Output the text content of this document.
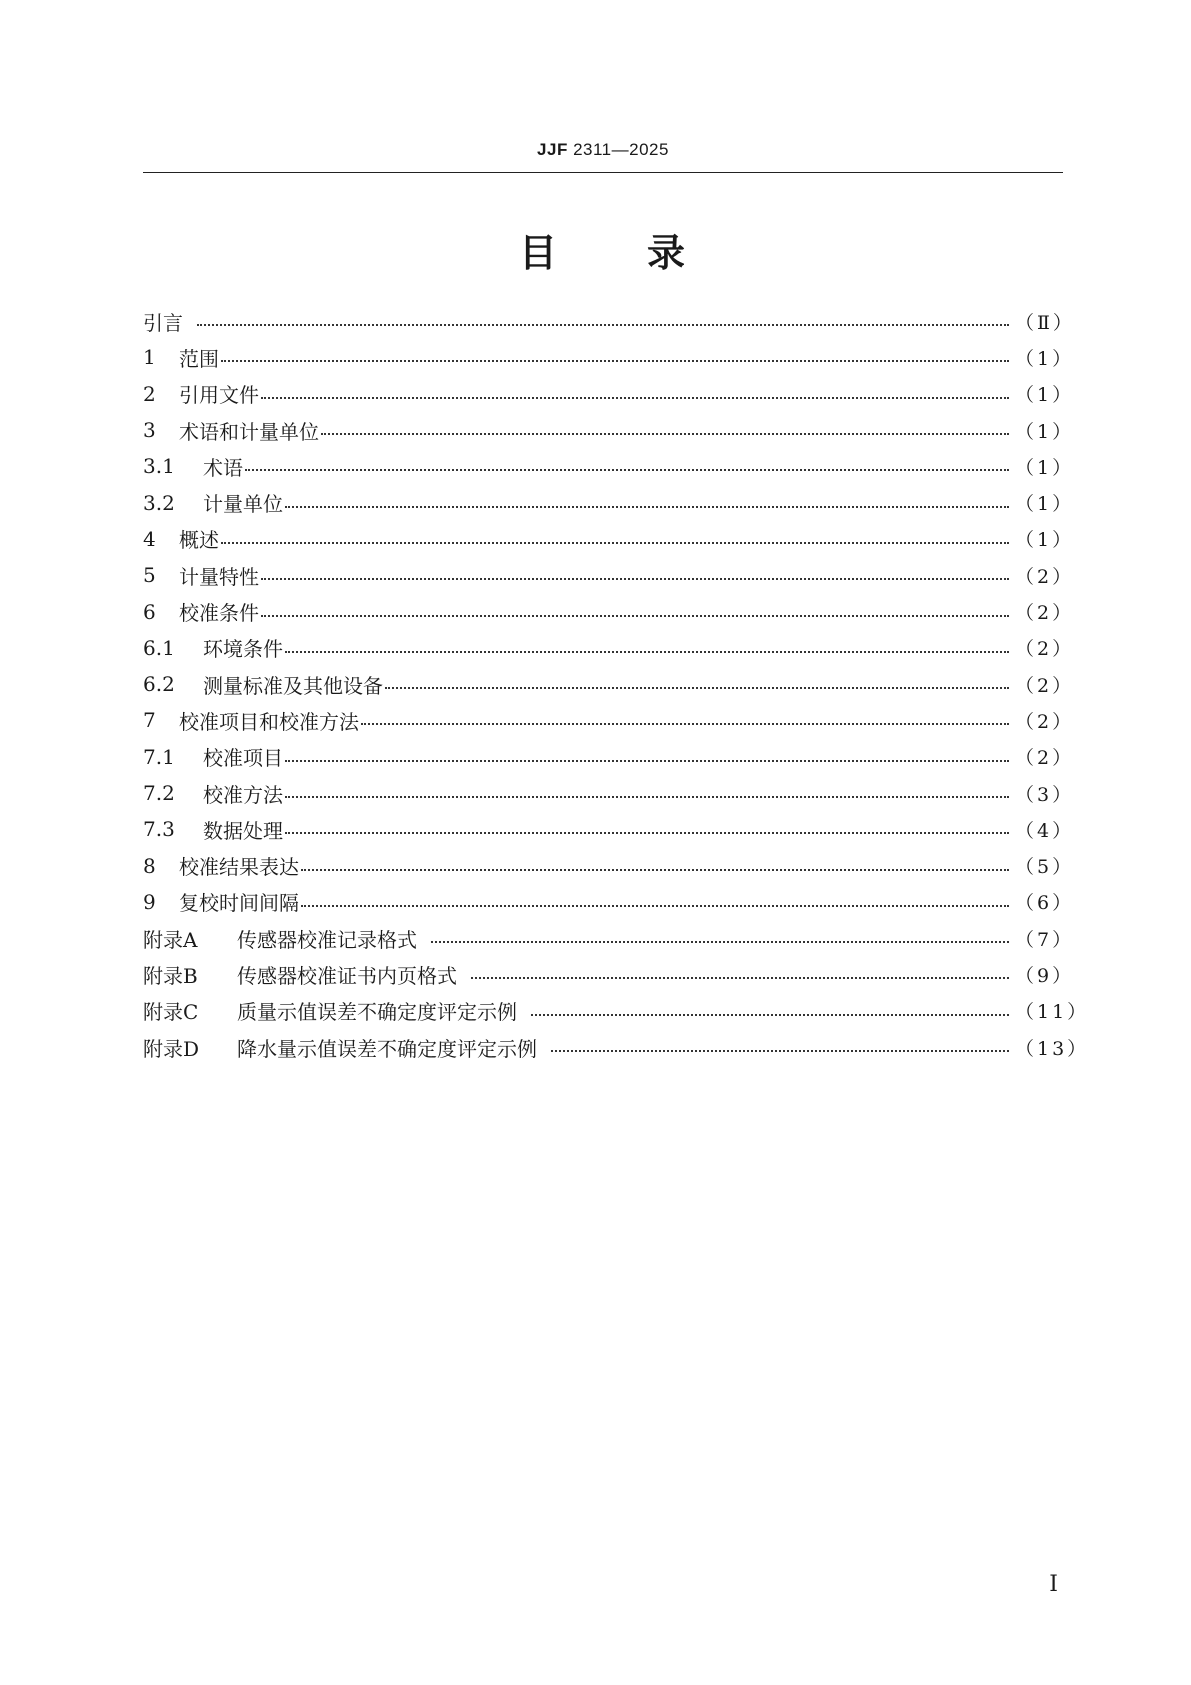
JJF 2311—2025
目 录
引言	（Ⅱ）
1	范围	（1）
2	引用文件	（1）
3	术语和计量单位	（1）
3.1	术语	（1）
3.2	计量单位	（1）
4	概述	（1）
5	计量特性	（2）
6	校准条件	（2）
6.1	环境条件	（2）
6.2	测量标准及其他设备	（2）
7	校准项目和校准方法	（2）
7.1	校准项目	（2）
7.2	校准方法	（3）
7.3	数据处理	（4）
8	校准结果表达	（5）
9	复校时间间隔	（6）
附录A	传感器校准记录格式	（7）
附录B	传感器校准证书内页格式	（9）
附录C	质量示值误差不确定度评定示例	（11）
附录D	降水量示值误差不确定度评定示例	（13）
Ⅰ
